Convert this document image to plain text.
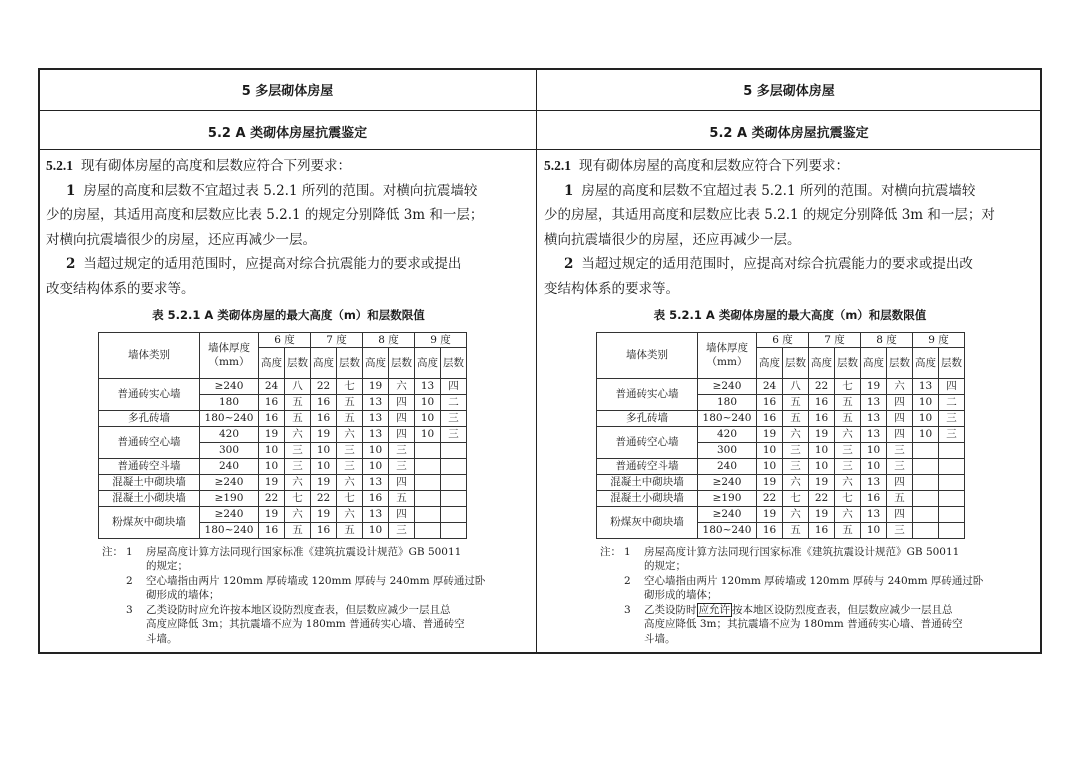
5 多层砌体房屋
5.2 A 类砌体房屋抗震鉴定

5.2.1 现有砌体房屋的高度和层数应符合下列要求：

1 房屋的高度和层数不宜超过表 5.2.1 所列的范围。对横向抗震墙较

少的房屋，其适用高度和层数应比表 5.2.1 的规定分别降低 3m 和一层；

对横向抗震墙很少的房屋，还应再减少一层。

2 当超过规定的适用范围时，应提高对综合抗震能力的要求或提出

改变结构体系的要求等。

表 5.2.1 A 类砌体房屋的最大高度（m）和层数限值
墙体类别	墙体厚度（mm）	6 度		7 度		8 度		9 度	
		高度	层数	高度	层数	高度	层数	高度	层数
普通砖实心墙	≥240	24	八	22	七	19	六	13	四
	180	16	五	16	五	13	四	10	二
多孔砖墙	180~240	16	五	16	五	13	四	10	三
普通砖空心墙	420	19	六	19	六	13	四	10	三
	300	10	三	10	三	10	三		
普通砖空斗墙	240	10	三	10	三	10	三		
混凝土中砌块墙	≥240	19	六	19	六	13	四		
混凝土小砌块墙	≥190	22	七	22	七	16	五		
粉煤灰中砌块墙	≥240	19	六	19	六	13	四		
	180~240	16	五	16	五	10	三		
注： 1	房屋高度计算方法同现行国家标准《建筑抗震设计规范》GB 50011
的规定；
2	空心墙指由两片 120mm 厚砖墙或 120mm 厚砖与 240mm 厚砖通过卧
砌形成的墙体；
3	乙类设防时应允许按本地区设防烈度查表，但层数应减少一层且总
高度应降低 3m；其抗震墙不应为 180mm 普通砖实心墙、普通砖空
斗墙。
5 多层砌体房屋
5.2 A 类砌体房屋抗震鉴定

5.2.1 现有砌体房屋的高度和层数应符合下列要求：

1 房屋的高度和层数不宜超过表 5.2.1 所列的范围。对横向抗震墙较

少的房屋，其适用高度和层数应比表 5.2.1 的规定分别降低 3m 和一层；对

横向抗震墙很少的房屋，还应再减少一层。

2 当超过规定的适用范围时，应提高对综合抗震能力的要求或提出改

变结构体系的要求等。

表 5.2.1 A 类砌体房屋的最大高度（m）和层数限值
墙体类别	墙体厚度（mm）	6 度		7 度		8 度		9 度	
		高度	层数	高度	层数	高度	层数	高度	层数
普通砖实心墙	≥240	24	八	22	七	19	六	13	四
	180	16	五	16	五	13	四	10	二
多孔砖墙	180~240	16	五	16	五	13	四	10	三
普通砖空心墙	420	19	六	19	六	13	四	10	三
	300	10	三	10	三	10	三		
普通砖空斗墙	240	10	三	10	三	10	三		
混凝土中砌块墙	≥240	19	六	19	六	13	四		
混凝土小砌块墙	≥190	22	七	22	七	16	五		
粉煤灰中砌块墙	≥240	19	六	19	六	13	四		
	180~240	16	五	16	五	10	三		
注： 1	房屋高度计算方法同现行国家标准《建筑抗震设计规范》GB 50011
的规定；
2	空心墙指由两片 120mm 厚砖墙或 120mm 厚砖与 240mm 厚砖通过卧
砌形成的墙体；
3	乙类设防时 应允许 按本地区设防烈度查表，但层数应减少一层且总
高度应降低 3m；其抗震墙不应为 180mm 普通砖实心墙、普通砖空
斗墙。
